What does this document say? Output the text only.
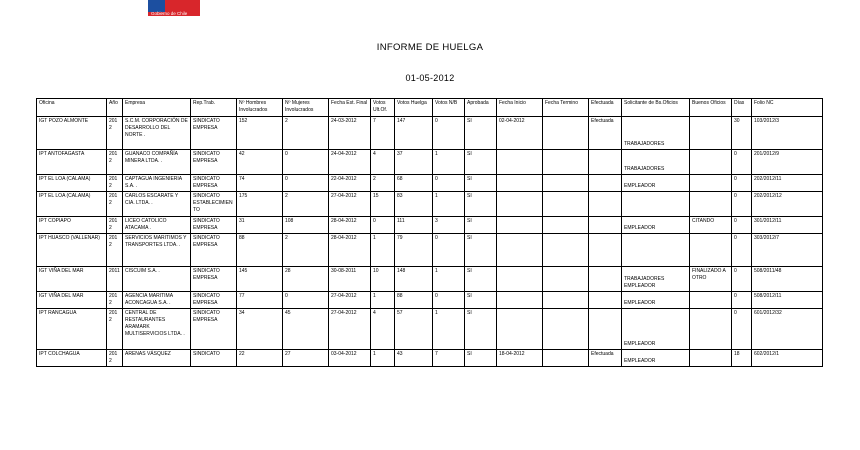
Gobierno de Chile
INFORME DE HUELGA
01-05-2012
Oficina	Año	Empresa	Rep.Trab.	Nº Hombres Involucrados	Nº Mujeres Involucrados	Fecha Est. Final	Votos Ult.Of.	Votos Huelga	Votos N/B	Aprobada	Fecha Inicio	Fecha Termino	Efectuada	Solicitante de Bs.Oficios	Buenos Oficios	Días	Folio NC
IGT POZO ALMONTE	2012	S.C.M. CORPORACIÓN DE DESARROLLO DEL NORTE .	SINDICATO EMPRESA	152	2	24-03-2012	7	147	0	SI	02-04-2012		Efectuada	TRABAJADORES		30	103/2012/3
IPT ANTOFAGASTA	2012	GUANACO COMPAÑÍA MINERA LTDA. .	SINDICATO EMPRESA	42	0	24-04-2012	4	37	1	SI				TRABAJADORES		0	201/2012/9
IPT EL LOA (CALAMA)	2012	CAPTAGUA INGENIERIA S.A. .	SINDICATO EMPRESA	74	0	22-04-2012	2	68	0	SI				EMPLEADOR		0	202/2012/11
IPT EL LOA (CALAMA)	2012	CARLOS ESCARATE Y CIA. LTDA. .	SINDICATO ESTABLECIMIENTO	175	2	27-04-2012	15	83	1	SI						0	202/2012/12
IPT COPIAPO	2012	LICEO CATOLICO ATACAMA .	SINDICATO EMPRESA	31	108	28-04-2012	0	111	3	SI				EMPLEADOR	CITANDO	0	301/2012/11
IPT HUASCO (VALLENAR)	2012	SERVICIOS MARITIMOS Y TRANSPORTES LTDA. .	SINDICATO EMPRESA	88	2	28-04-2012	1	79	0	SI						0	303/2012/7
IGT VIÑA DEL MAR	2011	CISCUIM S.A. .	SINDICATO EMPRESA	145	28	30-08-2011	10	148	1	SI				TRABAJADORES EMPLEADOR	FINALIZADO A OTRO	0	508/2011/48
IGT VIÑA DEL MAR	2012	AGENCIA MARITIMA ACONCAGUA S.A. .	SINDICATO EMPRESA	77	0	27-04-2012	1	88	0	SI				EMPLEADOR		0	508/2012/11
IPT RANCAGUA	2012	CENTRAL DE RESTAURANTES ARAMARK MULTISERVICIOS LTDA. .	SINDICATO EMPRESA	34	45	27-04-2012	4	57	1	SI				EMPLEADOR		0	601/2012/32
IPT COLCHAGUA	2012	ARENAS VÁSQUEZ	SINDICATO	22	27	03-04-2012	1	43	7	SI	18-04-2012		Efectuada	EMPLEADOR		18	602/2012/1
